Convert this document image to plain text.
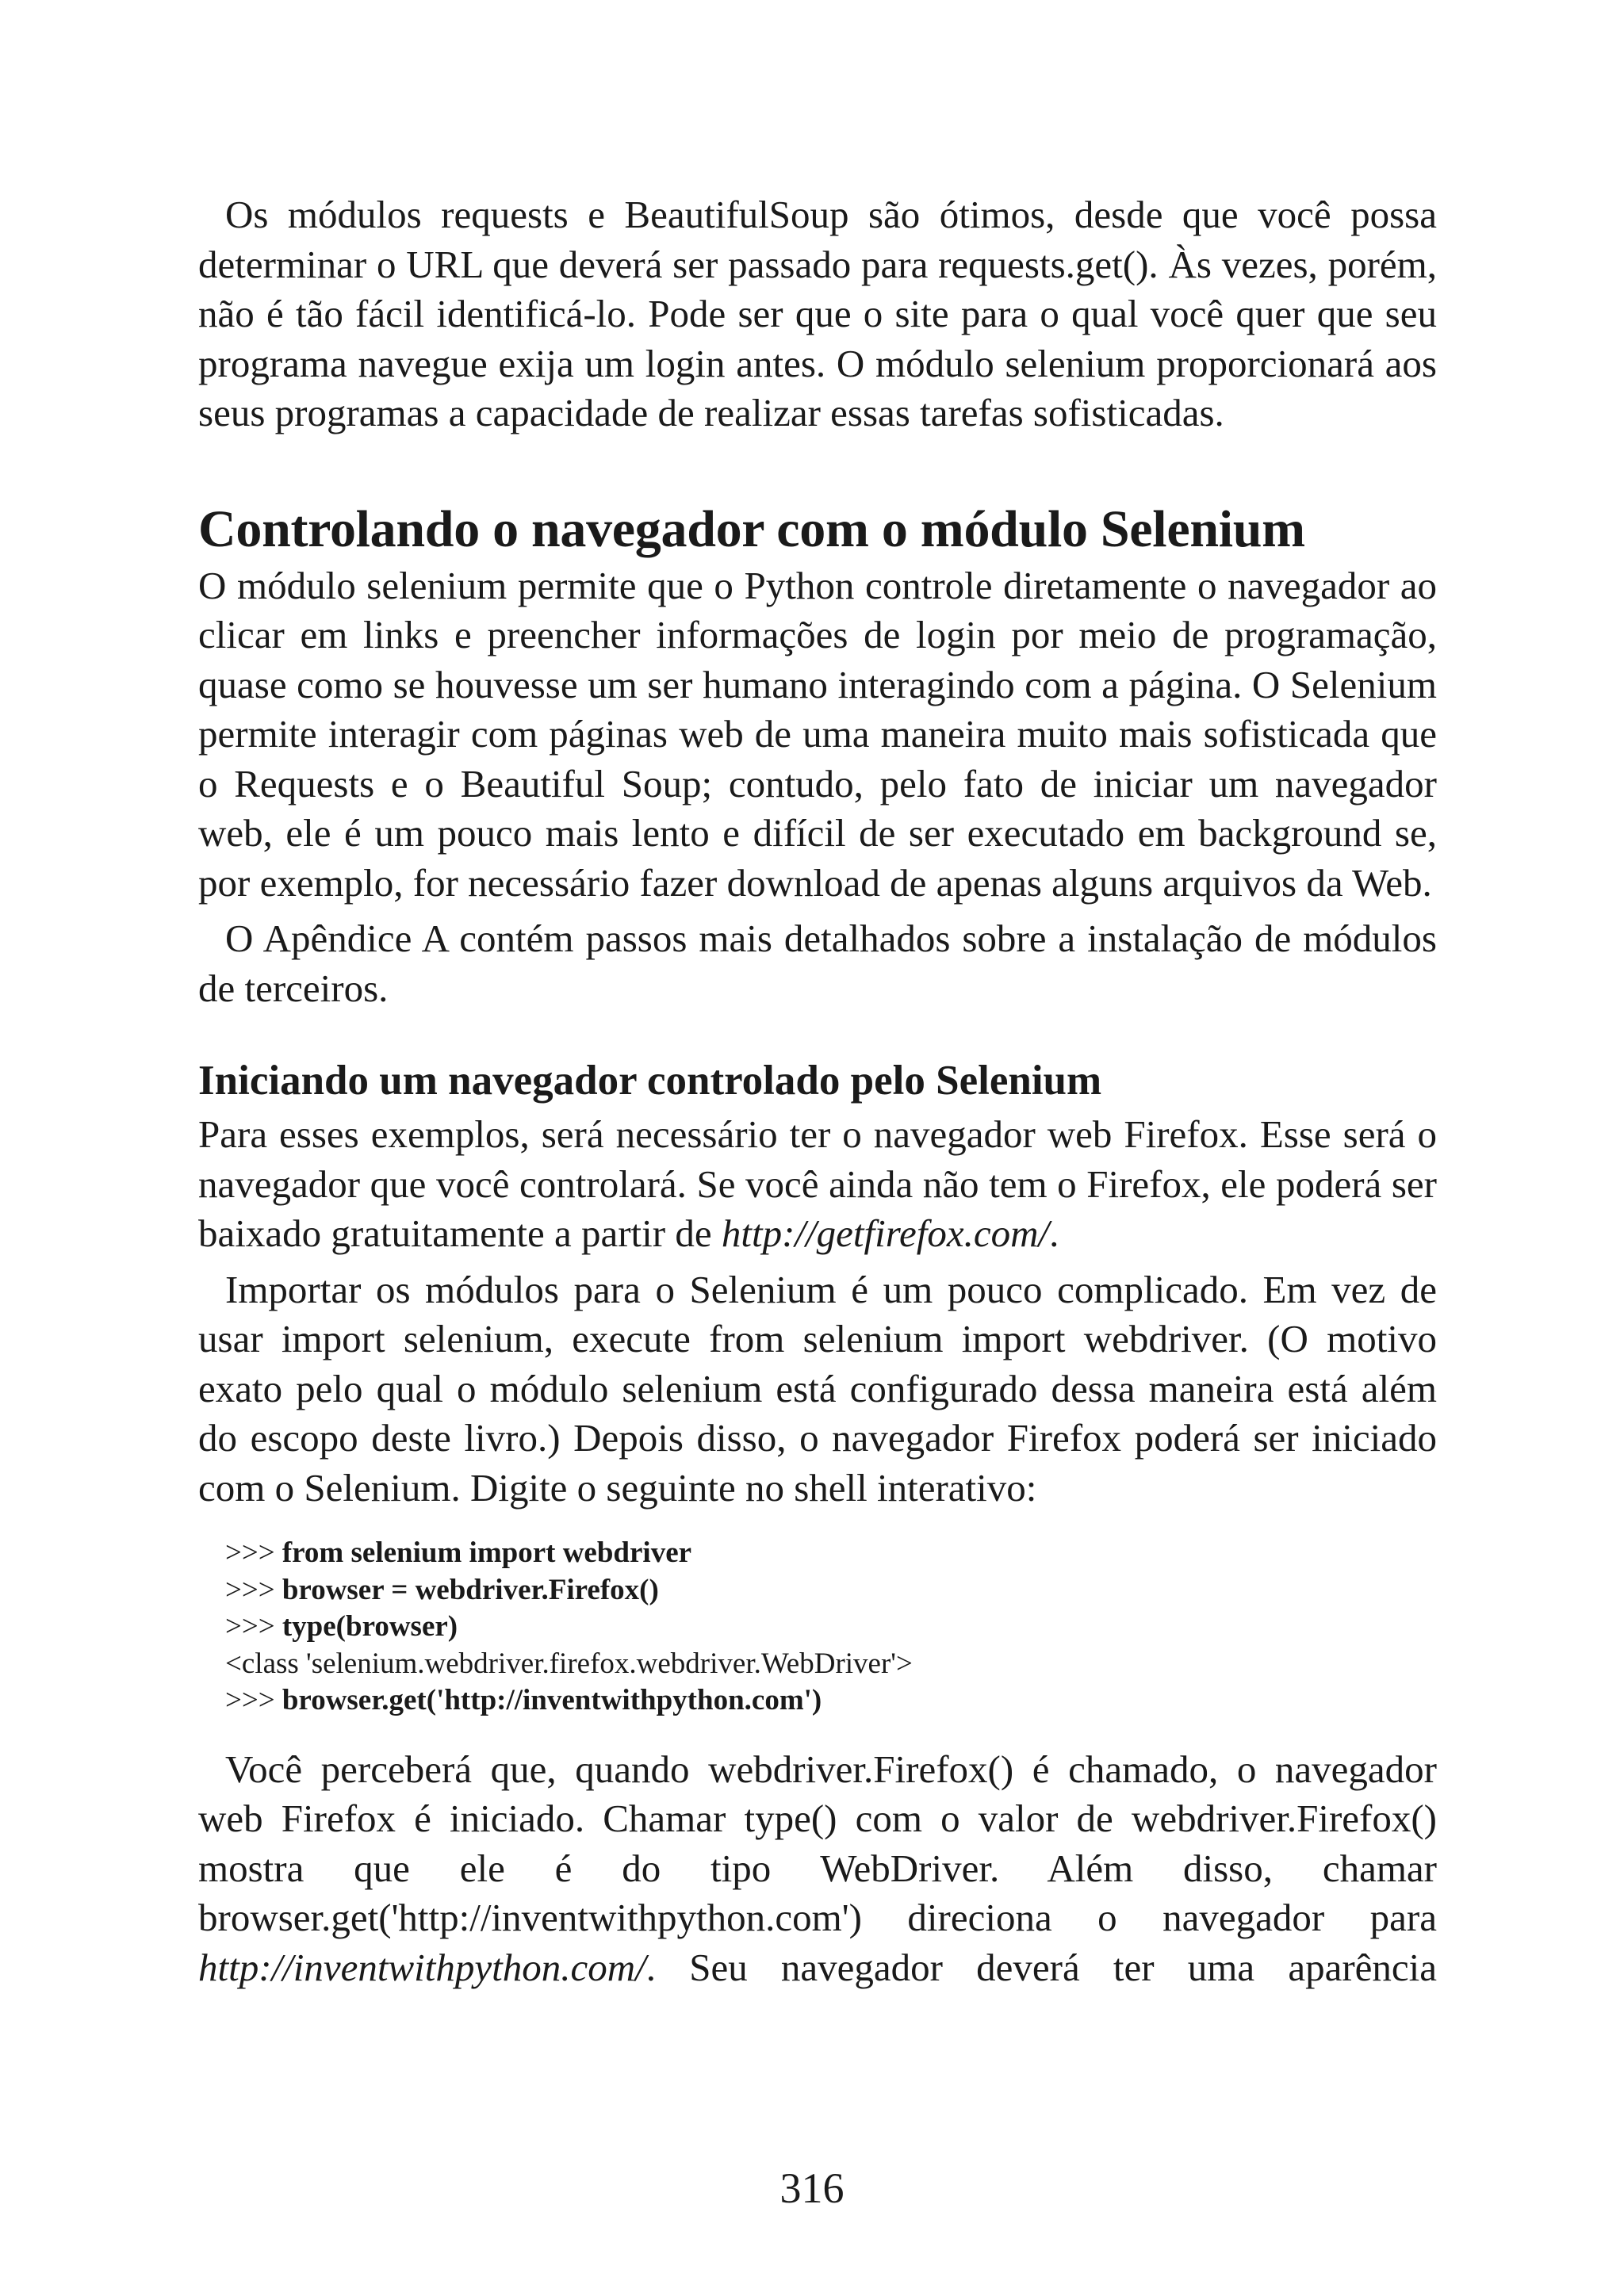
Os módulos requests e BeautifulSoup são ótimos, desde que você possa determinar o URL que deverá ser passado para requests.get(). Às vezes, porém, não é tão fácil identificá-lo. Pode ser que o site para o qual você quer que seu programa navegue exija um login antes. O módulo selenium proporcionará aos seus programas a capacidade de realizar essas tarefas sofisticadas.

Controlando o navegador com o módulo Selenium

O módulo selenium permite que o Python controle diretamente o navegador ao clicar em links e preencher informações de login por meio de programação, quase como se houvesse um ser humano interagindo com a página. O Selenium permite interagir com páginas web de uma maneira muito mais sofisticada que o Requests e o Beautiful Soup; contudo, pelo fato de iniciar um navegador web, ele é um pouco mais lento e difícil de ser executado em background se, por exemplo, for necessário fazer download de apenas alguns arquivos da Web.

O Apêndice A contém passos mais detalhados sobre a instalação de módulos de terceiros.

Iniciando um navegador controlado pelo Selenium

Para esses exemplos, será necessário ter o navegador web Firefox. Esse será o navegador que você controlará. Se você ainda não tem o Firefox, ele poderá ser baixado gratuitamente a partir de http://getfirefox.com/.

Importar os módulos para o Selenium é um pouco complicado. Em vez de usar import selenium, execute from selenium import webdriver. (O motivo exato pelo qual o módulo selenium está configurado dessa maneira está além do escopo deste livro.) Depois disso, o navegador Firefox poderá ser iniciado com o Selenium. Digite o seguinte no shell interativo:

>>> from selenium import webdriver
>>> browser = webdriver.Firefox()
>>> type(browser)
<class 'selenium.webdriver.firefox.webdriver.WebDriver'>
>>> browser.get('http://inventwithpython.com')

Você perceberá que, quando webdriver.Firefox() é chamado, o navegador web Firefox é iniciado. Chamar type() com o valor de webdriver.Firefox() mostra que ele é do tipo WebDriver. Além disso, chamar browser.get('http://inventwithpython.com') direciona o navegador para http://inventwithpython.com/. Seu navegador deverá ter uma aparência

316
